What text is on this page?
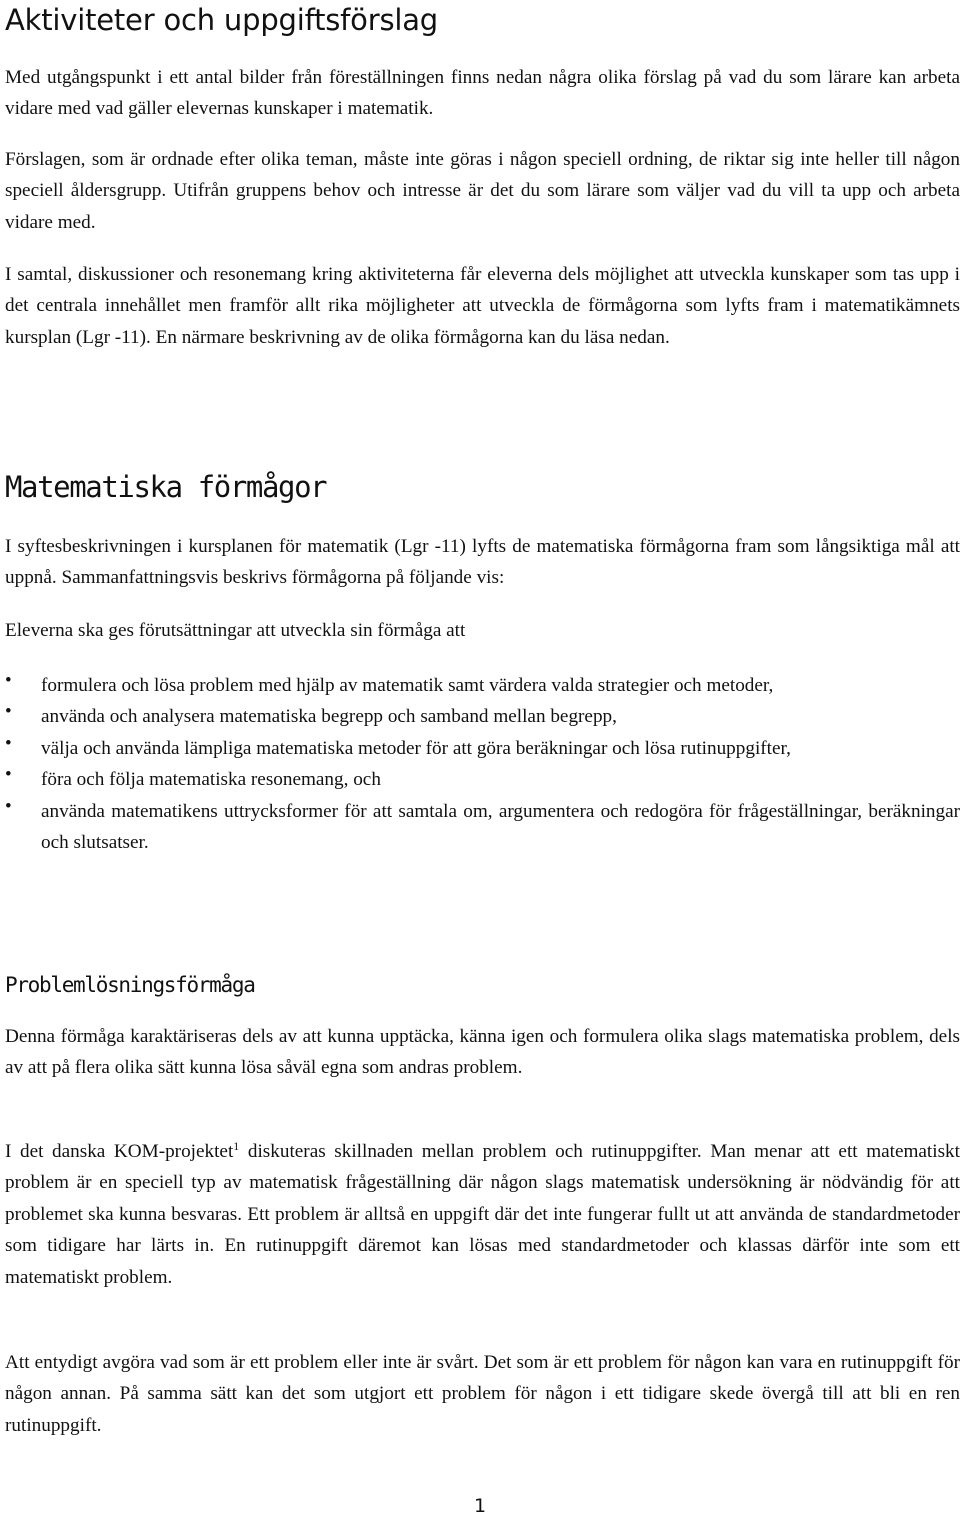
Aktiviteter och uppgiftsförslag

Med utgångspunkt i ett antal bilder från föreställningen finns nedan några olika förslag på vad du som lärare kan arbeta vidare med vad gäller elevernas kunskaper i matematik.

Förslagen, som är ordnade efter olika teman, måste inte göras i någon speciell ordning, de riktar sig inte heller till någon speciell åldersgrupp. Utifrån gruppens behov och intresse är det du som lärare som väljer vad du vill ta upp och arbeta vidare med.

I samtal, diskussioner och resonemang kring aktiviteterna får eleverna dels möjlighet att utveckla kunskaper som tas upp i det centrala innehållet men framför allt rika möjligheter att utveckla de förmågorna som lyfts fram i matematikämnets kursplan (Lgr -11). En närmare beskrivning av de olika förmågorna kan du läsa nedan.

Matematiska förmågor

I syftesbeskrivningen i kursplanen för matematik (Lgr -11) lyfts de matematiska förmågorna fram som långsiktiga mål att uppnå. Sammanfattningsvis beskrivs förmågorna på följande vis:

Eleverna ska ges förutsättningar att utveckla sin förmåga att

• formulera och lösa problem med hjälp av matematik samt värdera valda strategier och metoder,
• använda och analysera matematiska begrepp och samband mellan begrepp,
• välja och använda lämpliga matematiska metoder för att göra beräkningar och lösa rutinuppgifter,
• föra och följa matematiska resonemang, och
• använda matematikens uttrycksformer för att samtala om, argumentera och redogöra för frågeställningar, beräkningar och slutsatser.
Problemlösningsförmåga

Denna förmåga karaktäriseras dels av att kunna upptäcka, känna igen och formulera olika slags matematiska problem, dels av att på flera olika sätt kunna lösa såväl egna som andras problem.

I det danska KOM-projektet$^1$ diskuteras skillnaden mellan problem och rutinuppgifter. Man menar att ett matematiskt problem är en speciell typ av matematisk frågeställning där någon slags matematisk undersökning är nödvändig för att problemet ska kunna besvaras. Ett problem är alltså en uppgift där det inte fungerar fullt ut att använda de standardmetoder som tidigare har lärts in. En rutinuppgift däremot kan lösas med standardmetoder och klassas därför inte som ett matematiskt problem.

Att entydigt avgöra vad som är ett problem eller inte är svårt. Det som är ett problem för någon kan vara en rutinuppgift för någon annan. På samma sätt kan det som utgjort ett problem för någon i ett tidigare skede övergå till att bli en ren rutinuppgift.

1
